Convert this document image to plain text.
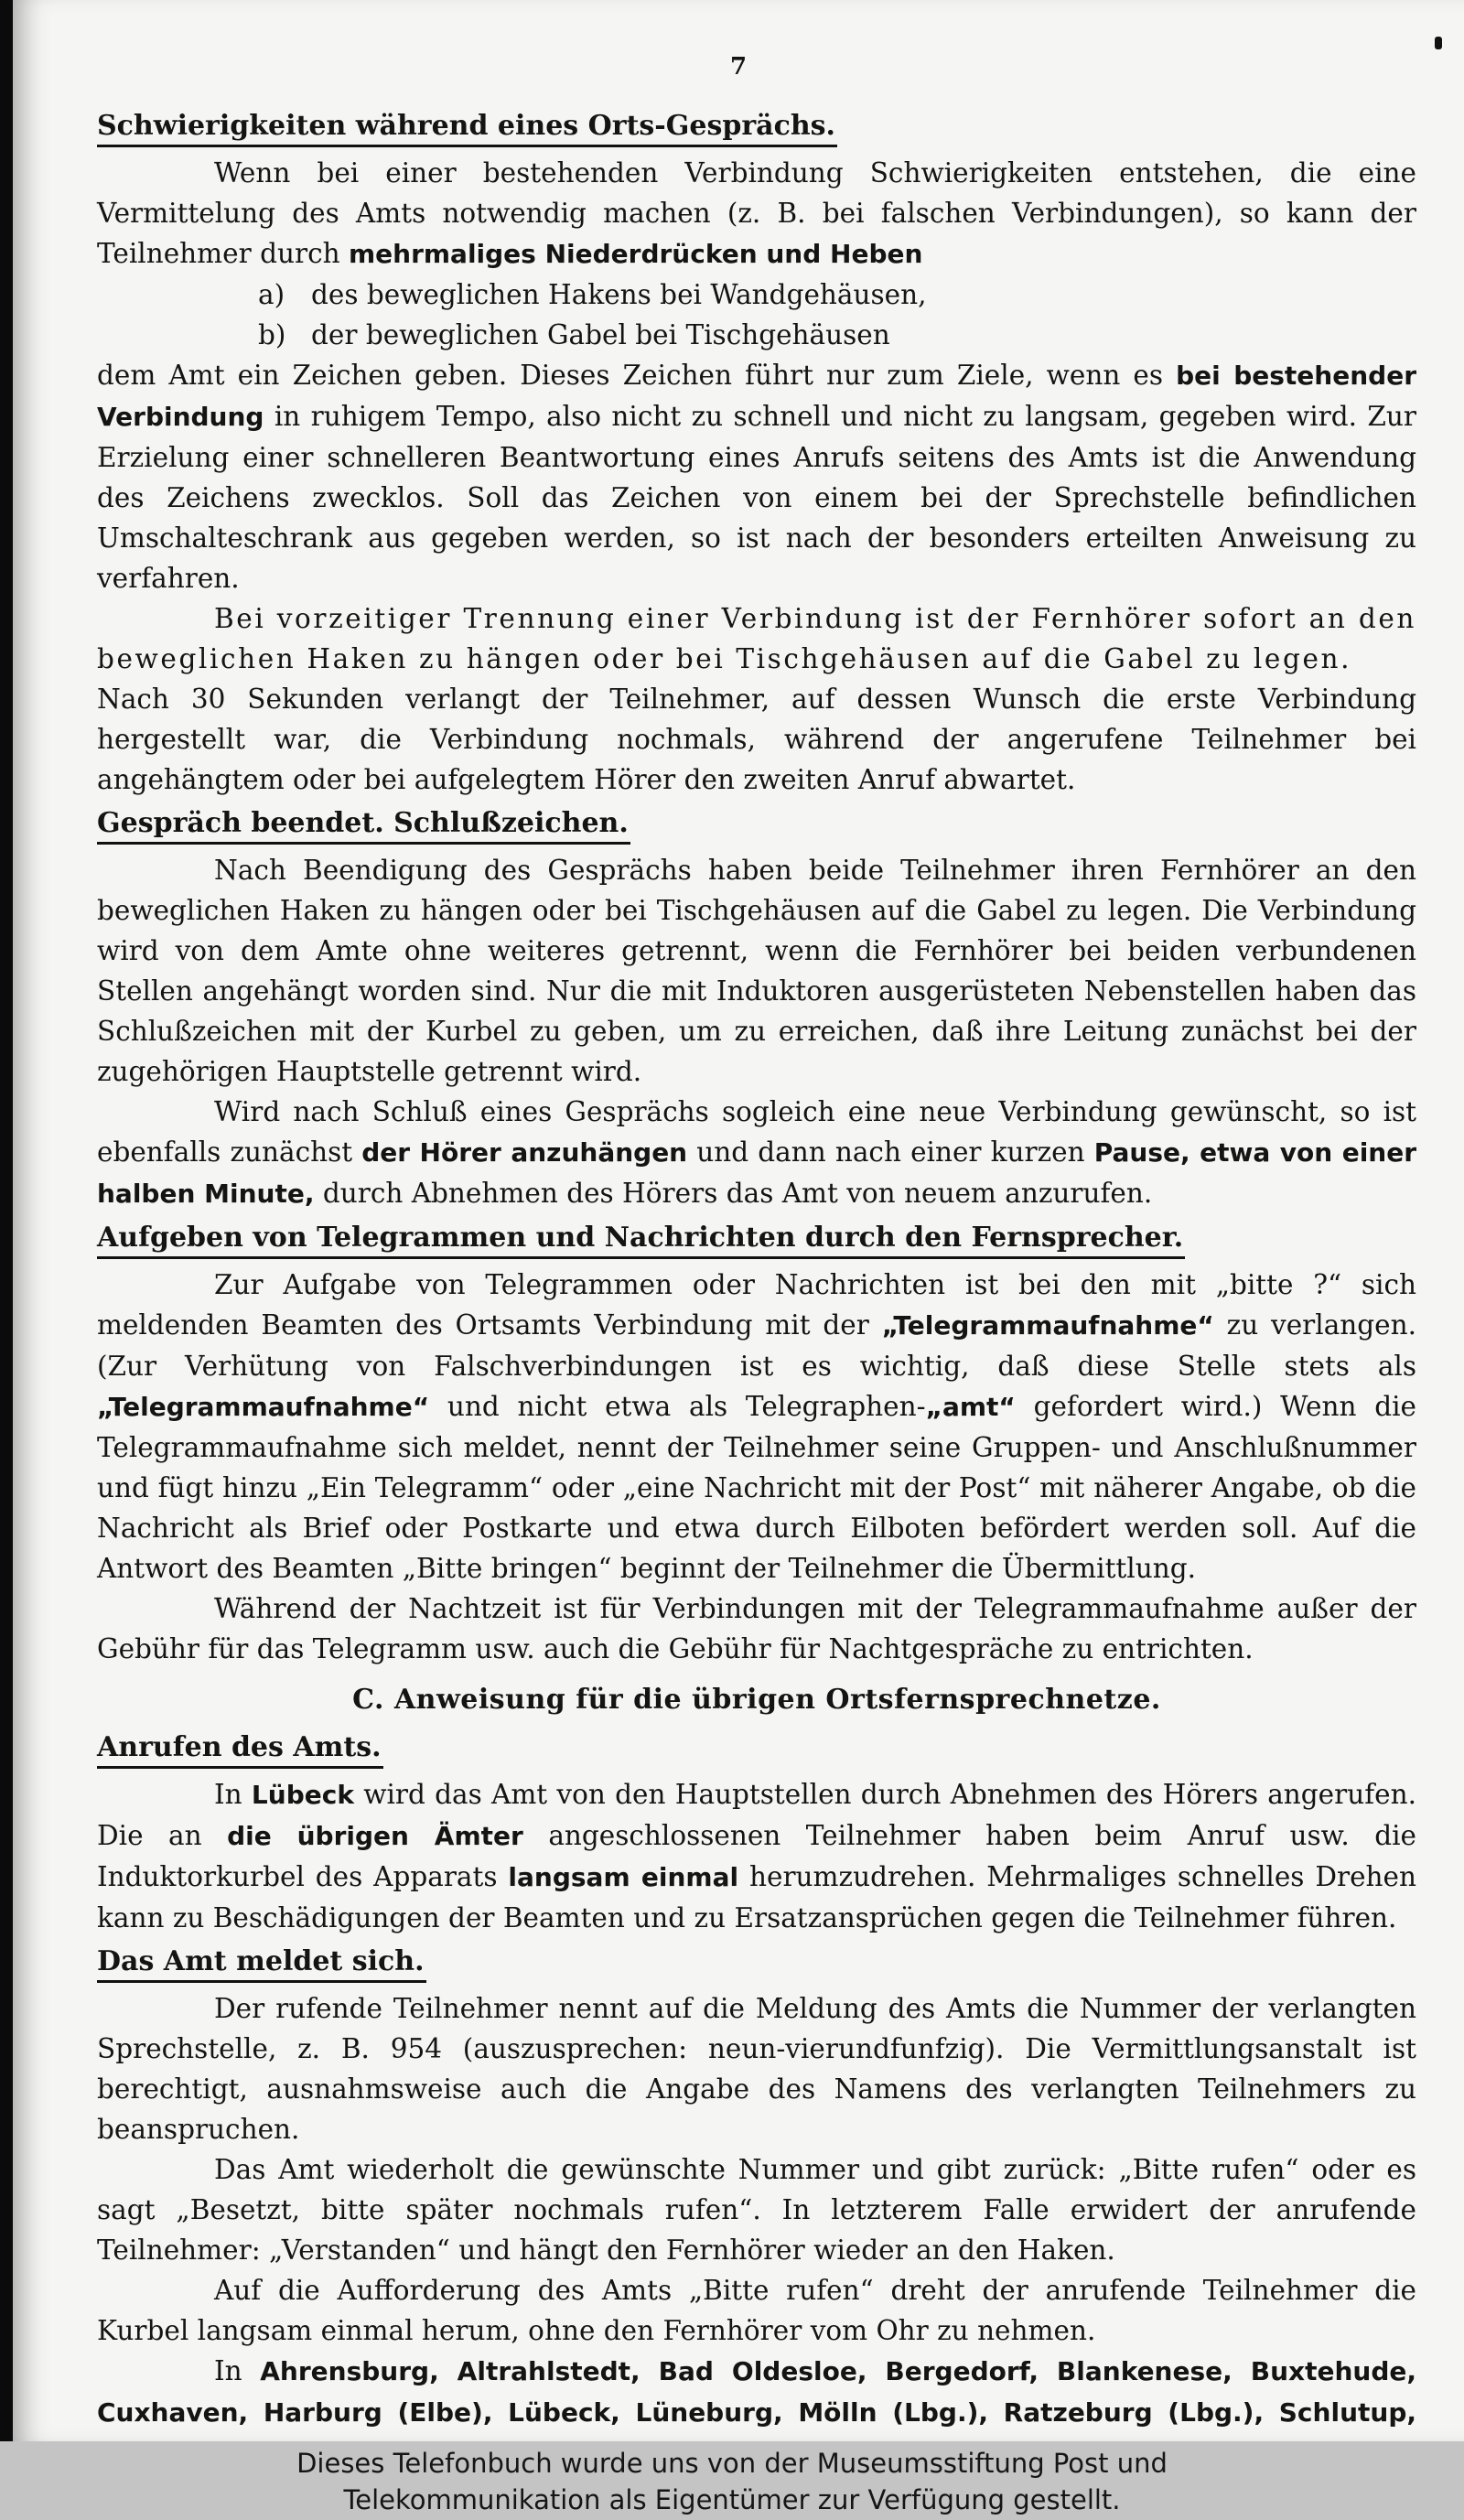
7
Schwierigkeiten während eines Orts-Gesprächs.

Wenn bei einer bestehenden Verbindung Schwierigkeiten entstehen, die eine Vermittelung des Amts notwendig machen (z. B. bei falschen Verbindungen), so kann der Teilnehmer durch mehrmaliges Niederdrücken und Heben

a) des beweglichen Hakens bei Wandgehäusen,
b) der beweglichen Gabel bei Tischgehäusen

dem Amt ein Zeichen geben. Dieses Zeichen führt nur zum Ziele, wenn es bei bestehender Verbindung in ruhigem Tempo, also nicht zu schnell und nicht zu langsam, gegeben wird. Zur Erzielung einer schnelleren Beantwortung eines Anrufs seitens des Amts ist die Anwendung des Zeichens zwecklos. Soll das Zeichen von einem bei der Sprechstelle befindlichen Umschalteschrank aus gegeben werden, so ist nach der besonders erteilten Anweisung zu verfahren.

Bei vorzeitiger Trennung einer Verbindung ist der Fernhörer sofort an den beweglichen Haken zu hängen oder bei Tischgehäusen auf die Gabel zu legen.

Nach 30 Sekunden verlangt der Teilnehmer, auf dessen Wunsch die erste Verbindung hergestellt war, die Verbindung nochmals, während der angerufene Teilnehmer bei angehängtem oder bei aufgelegtem Hörer den zweiten Anruf abwartet.

Gespräch beendet. Schlußzeichen.

Nach Beendigung des Gesprächs haben beide Teilnehmer ihren Fernhörer an den beweglichen Haken zu hängen oder bei Tischgehäusen auf die Gabel zu legen. Die Verbindung wird von dem Amte ohne weiteres getrennt, wenn die Fernhörer bei beiden verbundenen Stellen angehängt worden sind. Nur die mit Induktoren ausgerüsteten Nebenstellen haben das Schlußzeichen mit der Kurbel zu geben, um zu erreichen, daß ihre Leitung zunächst bei der zugehörigen Hauptstelle getrennt wird.

Wird nach Schluß eines Gesprächs sogleich eine neue Verbindung gewünscht, so ist ebenfalls zunächst der Hörer anzuhängen und dann nach einer kurzen Pause, etwa von einer halben Minute, durch Abnehmen des Hörers das Amt von neuem anzurufen.

Aufgeben von Telegrammen und Nachrichten durch den Fernsprecher.

Zur Aufgabe von Telegrammen oder Nachrichten ist bei den mit „bitte ?“ sich meldenden Beamten des Ortsamts Verbindung mit der „Telegrammaufnahme“ zu verlangen. (Zur Verhütung von Falschverbindungen ist es wichtig, daß diese Stelle stets als „Telegrammaufnahme“ und nicht etwa als Telegraphen-„amt“ gefordert wird.) Wenn die Telegrammaufnahme sich meldet, nennt der Teilnehmer seine Gruppen- und Anschlußnummer und fügt hinzu „Ein Telegramm“ oder „eine Nachricht mit der Post“ mit näherer Angabe, ob die Nachricht als Brief oder Postkarte und etwa durch Eilboten befördert werden soll. Auf die Antwort des Beamten „Bitte bringen“ beginnt der Teilnehmer die Übermittlung.

Während der Nachtzeit ist für Verbindungen mit der Telegrammaufnahme außer der Gebühr für das Telegramm usw. auch die Gebühr für Nachtgespräche zu entrichten.

C. Anweisung für die übrigen Ortsfernsprechnetze.
Anrufen des Amts.

In Lübeck wird das Amt von den Hauptstellen durch Abnehmen des Hörers angerufen. Die an die übrigen Ämter angeschlossenen Teilnehmer haben beim Anruf usw. die Induktorkurbel des Apparats langsam einmal herumzudrehen. Mehrmaliges schnelles Drehen kann zu Beschädigungen der Beamten und zu Ersatzansprüchen gegen die Teilnehmer führen.

Das Amt meldet sich.

Der rufende Teilnehmer nennt auf die Meldung des Amts die Nummer der verlangten Sprechstelle, z. B. 954 (auszusprechen: neun-vierundfunfzig). Die Vermittlungsanstalt ist berechtigt, ausnahmsweise auch die Angabe des Namens des verlangten Teilnehmers zu beanspruchen.

Das Amt wiederholt die gewünschte Nummer und gibt zurück: „Bitte rufen“ oder es sagt „Besetzt, bitte später nochmals rufen“. In letzterem Falle erwidert der anrufende Teilnehmer: „Verstanden“ und hängt den Fernhörer wieder an den Haken.

Auf die Aufforderung des Amts „Bitte rufen“ dreht der anrufende Teilnehmer die Kurbel langsam einmal herum, ohne den Fernhörer vom Ohr zu nehmen.

In Ahrensburg, Altrahlstedt, Bad Oldesloe, Bergedorf, Blankenese, Buxtehude, Cuxhaven, Harburg (Elbe), Lübeck, Lüneburg, Mölln (Lbg.), Ratzeburg (Lbg.), Schlutup,

Dieses Telefonbuch wurde uns von der Museumsstiftung Post und
Telekommunikation als Eigentümer zur Verfügung gestellt.
